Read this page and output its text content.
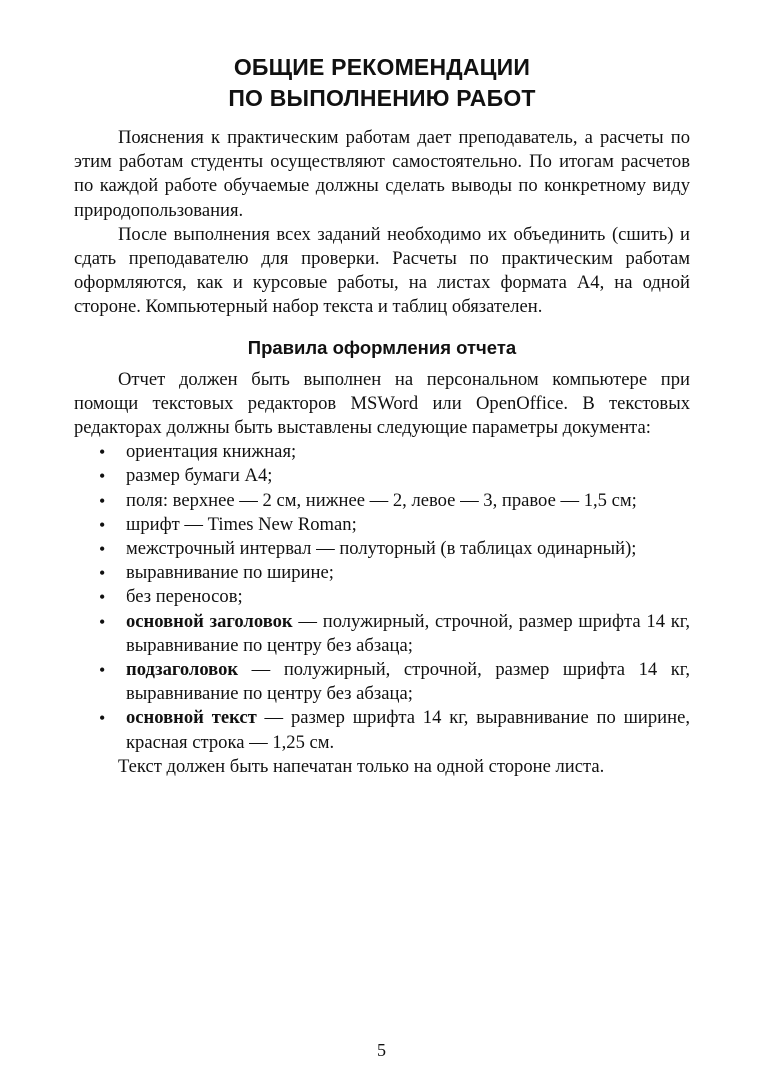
ОБЩИЕ РЕКОМЕНДАЦИИ
ПО ВЫПОЛНЕНИЮ РАБОТ

Пояснения к практическим работам дает преподаватель, а расчеты по этим работам студенты осуществляют самостоятельно. По итогам расчетов по каждой работе обучаемые должны сделать выводы по конкретному виду природопользования.

После выполнения всех заданий необходимо их объединить (сшить) и сдать преподавателю для проверки. Расчеты по практическим работам оформляются, как и курсовые работы, на листах формата А4, на одной стороне. Компьютерный набор текста и таблиц обязателен.

Правила оформления отчета

Отчет должен быть выполнен на персональном компьютере при помощи текстовых редакторов MSWord или OpenOffice. В текстовых редакторах должны быть выставлены следующие параметры документа:

• ориентация книжная;
• размер бумаги А4;
• поля: верхнее — 2 см, нижнее — 2, левое — 3, правое — 1,5 см;
• шрифт — Times New Roman;
• межстрочный интервал — полуторный (в таблицах одинарный);
• выравнивание по ширине;
• без переносов;
• основной заголовок — полужирный, строчной, размер шрифта 14 кг, выравнивание по центру без абзаца;
• подзаголовок — полужирный, строчной, размер шрифта 14 кг, выравнивание по центру без абзаца;
• основной текст — размер шрифта 14 кг, выравнивание по ширине, красная строка — 1,25 см.

Текст должен быть напечатан только на одной стороне листа.

5
